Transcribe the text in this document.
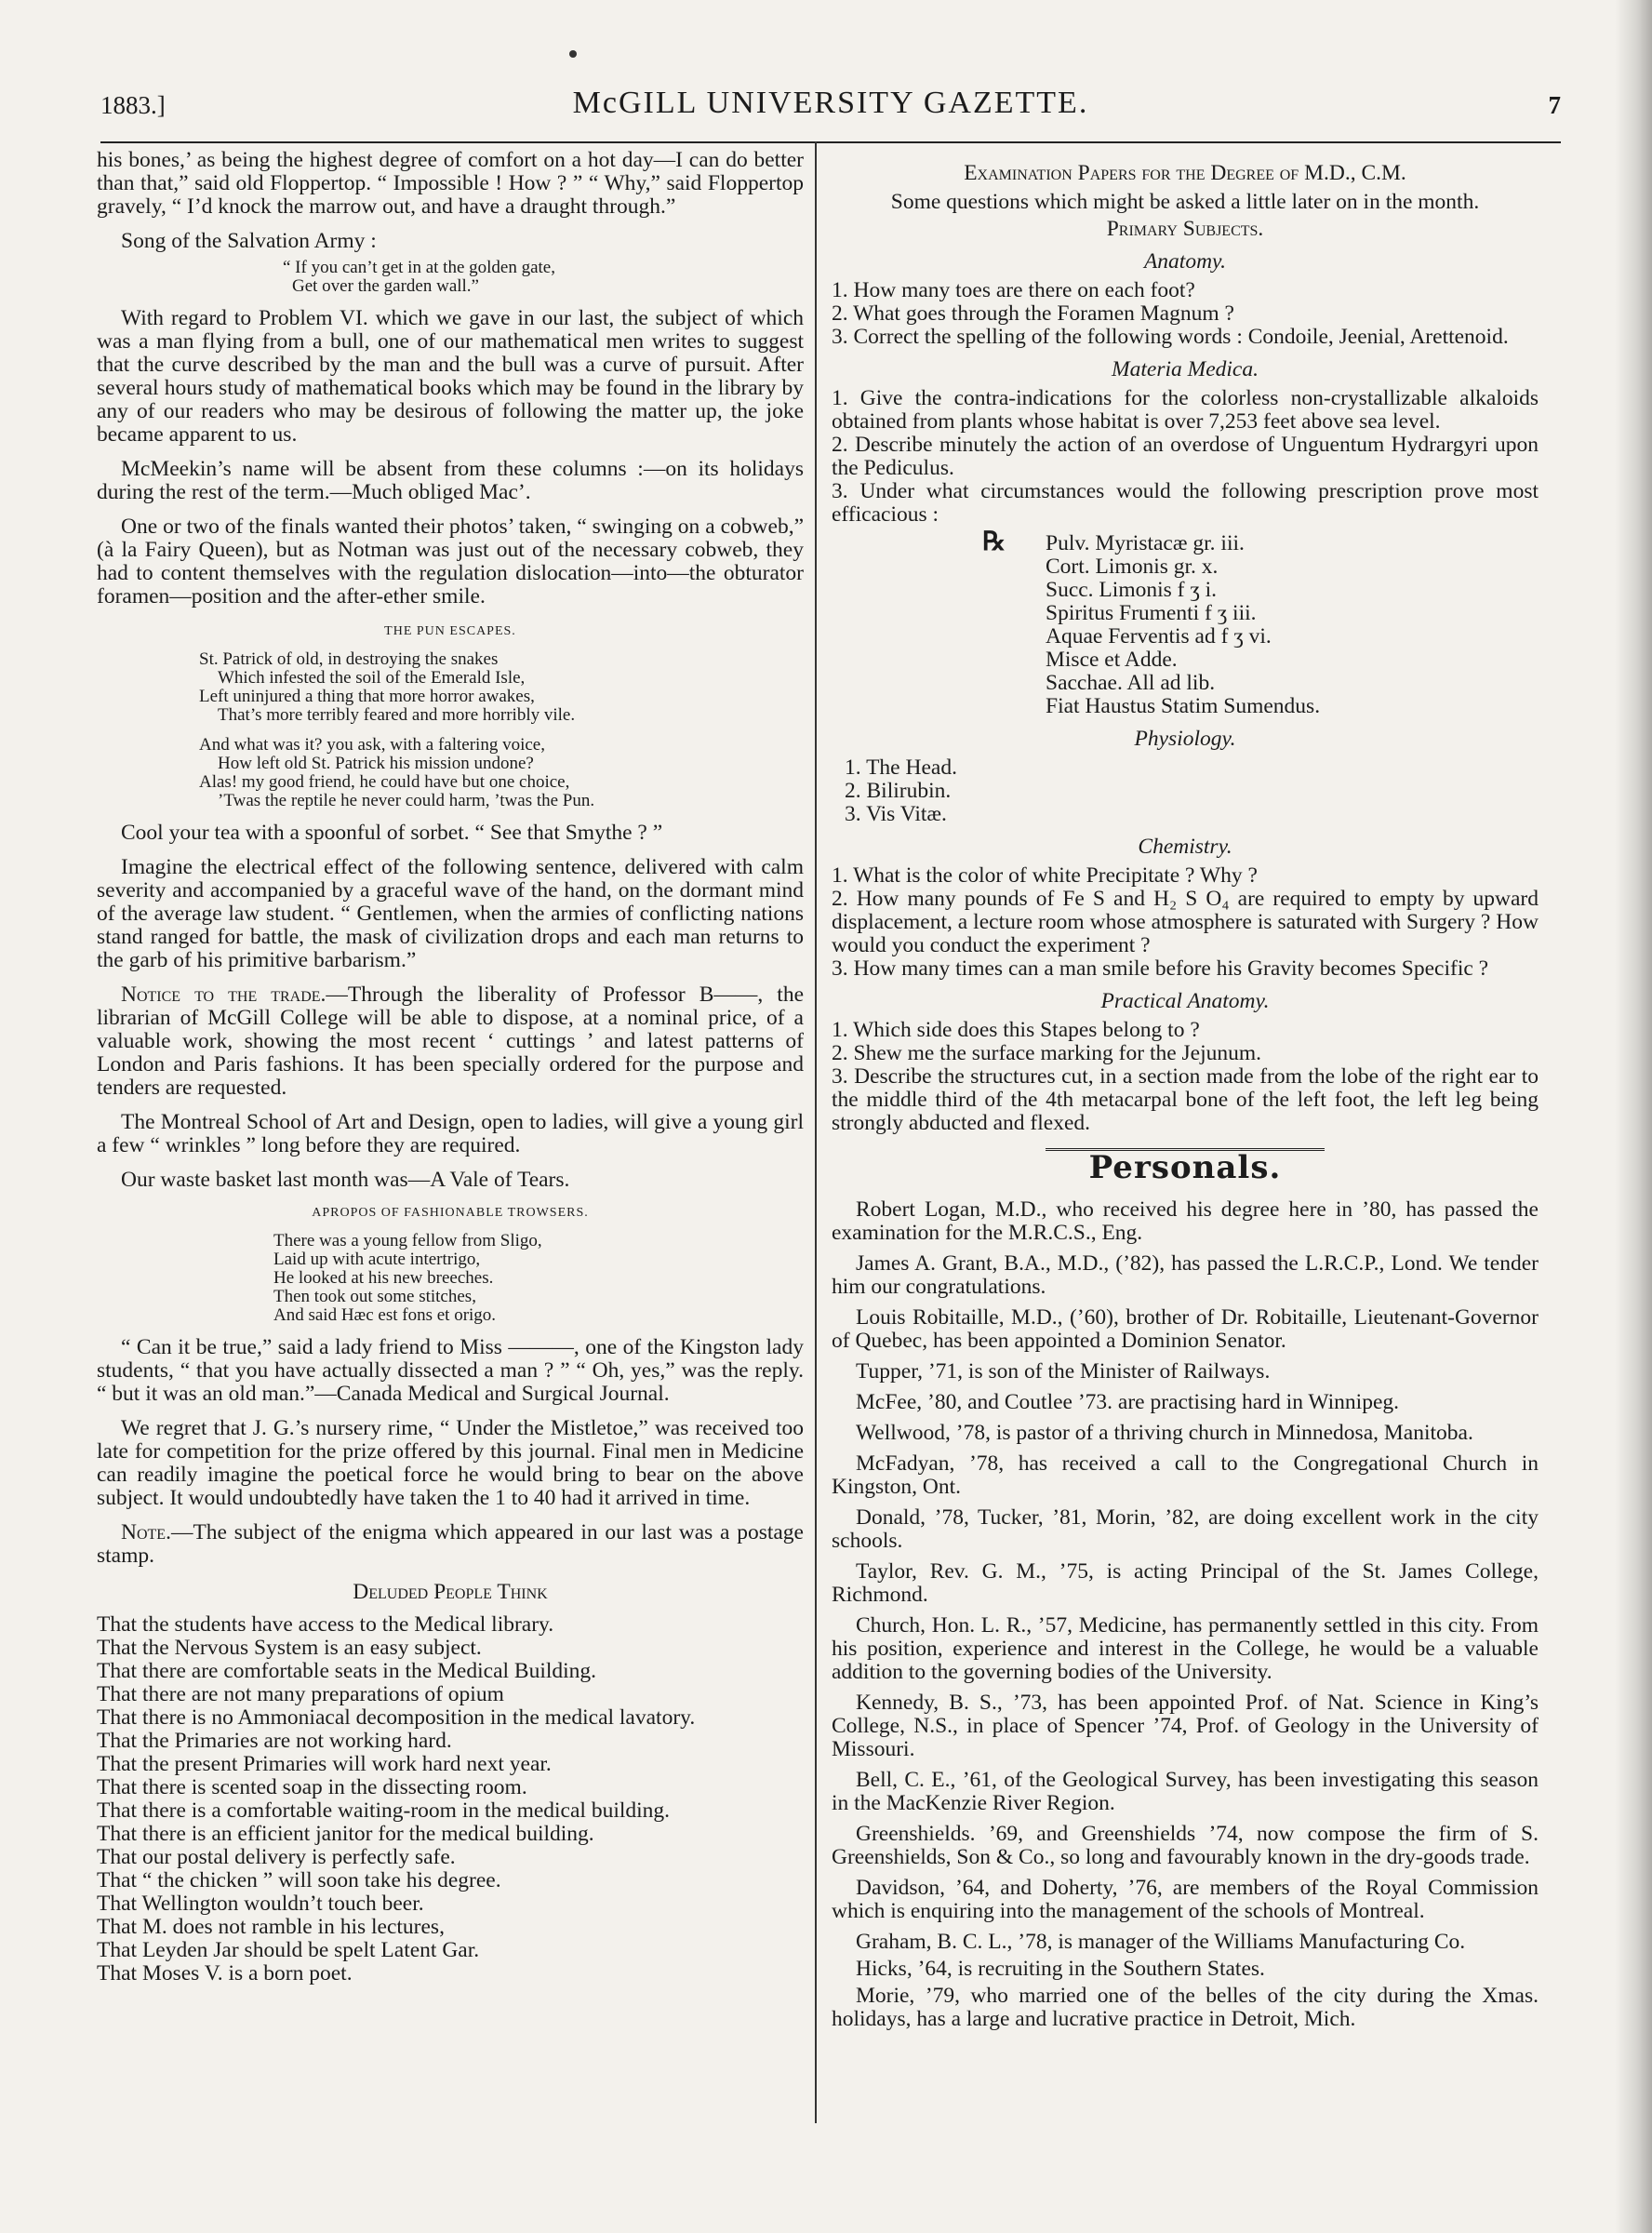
1883.]	McGILL UNIVERSITY GAZETTE.	7

his bones,’ as being the highest degree of comfort on a hot day—I can do better than that,” said old Floppertop. “ Impossible ! How ? ” “ Why,” said Floppertop gravely, “ I’d knock the marrow out, and have a draught through.”

Song of the Salvation Army :

“ If you can’t get in at the golden gate,
Get over the garden wall.”

With regard to Problem VI. which we gave in our last, the subject of which was a man flying from a bull, one of our mathematical men writes to suggest that the curve described by the man and the bull was a curve of pursuit. After several hours study of mathematical books which may be found in the library by any of our readers who may be desirous of following the matter up, the joke became apparent to us.

McMeekin’s name will be absent from these columns :—on its holidays during the rest of the term.—Much obliged Mac’.

One or two of the finals wanted their photos’ taken, “ swinging on a cobweb,” (à la Fairy Queen), but as Notman was just out of the necessary cobweb, they had to content themselves with the regulation dislocation—into—the obturator foramen—position and the after-ether smile.

THE PUN ESCAPES.
St. Patrick of old, in destroying the snakes
Which infested the soil of the Emerald Isle,
Left uninjured a thing that more horror awakes,
That’s more terribly feared and more horribly vile.
And what was it? you ask, with a faltering voice,
How left old St. Patrick his mission undone?
Alas! my good friend, he could have but one choice,
’Twas the reptile he never could harm, ’twas the Pun.

Cool your tea with a spoonful of sorbet. “ See that Smythe ? ”

Imagine the electrical effect of the following sentence, delivered with calm severity and accompanied by a graceful wave of the hand, on the dormant mind of the average law student. “ Gentlemen, when the armies of conflicting nations stand ranged for battle, the mask of civilization drops and each man returns to the garb of his primitive barbarism.”

Notice to the trade.—Through the liberality of Professor B——, the librarian of McGill College will be able to dispose, at a nominal price, of a valuable work, showing the most recent ‘ cuttings ’ and latest patterns of London and Paris fashions. It has been specially ordered for the purpose and tenders are requested.

The Montreal School of Art and Design, open to ladies, will give a young girl a few “ wrinkles ” long before they are required.

Our waste basket last month was—A Vale of Tears.

APROPOS OF FASHIONABLE TROWSERS.
There was a young fellow from Sligo,
Laid up with acute intertrigo,
He looked at his new breeches.
Then took out some stitches,
And said Hæc est fons et origo.

“ Can it be true,” said a lady friend to Miss ———, one of the Kingston lady students, “ that you have actually dissected a man ? ” “ Oh, yes,” was the reply. “ but it was an old man.”—Canada Medical and Surgical Journal.

We regret that J. G.’s nursery rime, “ Under the Mistletoe,” was received too late for competition for the prize offered by this journal. Final men in Medicine can readily imagine the poetical force he would bring to bear on the above subject. It would undoubtedly have taken the 1 to 40 had it arrived in time.

Note.—The subject of the enigma which appeared in our last was a postage stamp.

Deluded People Think
That the students have access to the Medical library.
That the Nervous System is an easy subject.
That there are comfortable seats in the Medical Building.
That there are not many preparations of opium
That there is no Ammoniacal decomposition in the medical lavatory.
That the Primaries are not working hard.
That the present Primaries will work hard next year.
That there is scented soap in the dissecting room.
That there is a comfortable waiting-room in the medical building.
That there is an efficient janitor for the medical building.
That our postal delivery is perfectly safe.
That “ the chicken ” will soon take his degree.
That Wellington wouldn’t touch beer.
That M. does not ramble in his lectures,
That Leyden Jar should be spelt Latent Gar.
That Moses V. is a born poet.
Examination Papers for the Degree of M.D., C.M.
Some questions which might be asked a little later on in the month.
Primary Subjects.
Anatomy.

1. How many toes are there on each foot?

2. What goes through the Foramen Magnum ?

3. Correct the spelling of the following words : Condoile, Jeenial, Arettenoid.

Materia Medica.

1. Give the contra-indications for the colorless non-crystallizable alkaloids obtained from plants whose habitat is over 7,253 feet above sea level.

2. Describe minutely the action of an overdose of Unguentum Hydrargyri upon the Pediculus.

3. Under what circumstances would the following prescription prove most efficacious :

℞ Pulv. Myristacæ gr. iii.
Cort. Limonis gr. x.
Succ. Limonis f ʒ i.
Spiritus Frumenti f ʒ iii.
Aquae Ferventis ad f ʒ vi.
Misce et Adde.
Sacchae. All ad lib.
Fiat Haustus Statim Sumendus.
Physiology.
1. The Head.
2. Bilirubin.
3. Vis Vitæ.
Chemistry.

1. What is the color of white Precipitate ? Why ?

2. How many pounds of Fe S and H₂ S O₄ are required to empty by upward displacement, a lecture room whose atmosphere is saturated with Surgery ? How would you conduct the experiment ?

3. How many times can a man smile before his Gravity becomes Specific ?

Practical Anatomy.

1. Which side does this Stapes belong to ?

2. Shew me the surface marking for the Jejunum.

3. Describe the structures cut, in a section made from the lobe of the right ear to the middle third of the 4th metacarpal bone of the left foot, the left leg being strongly abducted and flexed.

Personals.

Robert Logan, M.D., who received his degree here in ’80, has passed the examination for the M.R.C.S., Eng.

James A. Grant, B.A., M.D., (’82), has passed the L.R.C.P., Lond. We tender him our congratulations.

Louis Robitaille, M.D., (’60), brother of Dr. Robitaille, Lieutenant-Governor of Quebec, has been appointed a Dominion Senator.

Tupper, ’71, is son of the Minister of Railways.

McFee, ’80, and Coutlee ’73. are practising hard in Winnipeg.

Wellwood, ’78, is pastor of a thriving church in Minnedosa, Manitoba.

McFadyan, ’78, has received a call to the Congregational Church in Kingston, Ont.

Donald, ’78, Tucker, ’81, Morin, ’82, are doing excellent work in the city schools.

Taylor, Rev. G. M., ’75, is acting Principal of the St. James College, Richmond.

Church, Hon. L. R., ’57, Medicine, has permanently settled in this city. From his position, experience and interest in the College, he would be a valuable addition to the governing bodies of the University.

Kennedy, B. S., ’73, has been appointed Prof. of Nat. Science in King’s College, N.S., in place of Spencer ’74, Prof. of Geology in the University of Missouri.

Bell, C. E., ’61, of the Geological Survey, has been investigating this season in the MacKenzie River Region.

Greenshields. ’69, and Greenshields ’74, now compose the firm of S. Greenshields, Son & Co., so long and favourably known in the dry-goods trade.

Davidson, ’64, and Doherty, ’76, are members of the Royal Commission which is enquiring into the management of the schools of Montreal.

Graham, B. C. L., ’78, is manager of the Williams Manufacturing Co.

Hicks, ’64, is recruiting in the Southern States.

Morie, ’79, who married one of the belles of the city during the Xmas. holidays, has a large and lucrative practice in Detroit, Mich.
